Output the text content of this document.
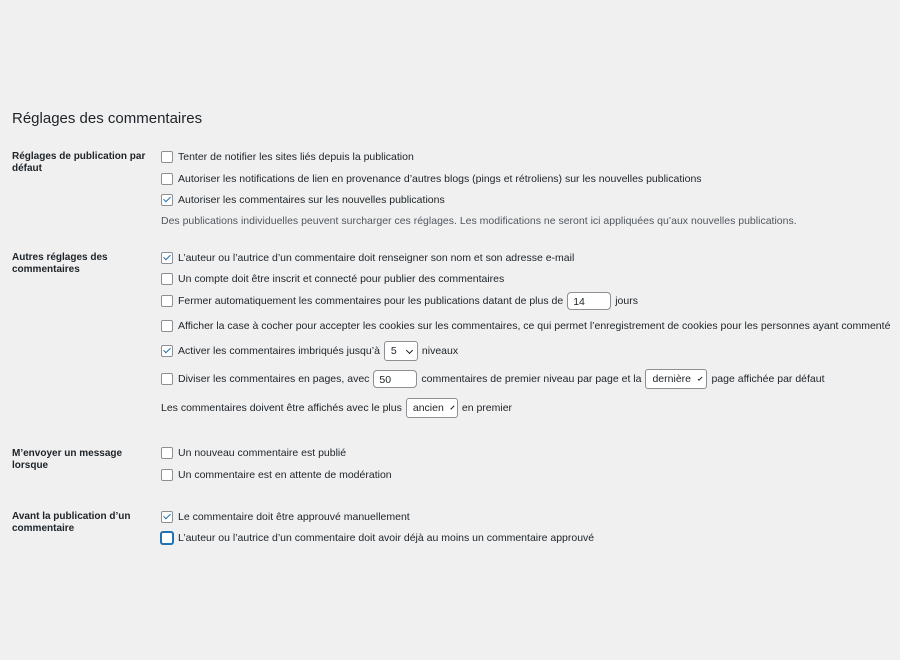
Réglages des commentaires
Réglages de publication par défaut
Tenter de notifier les sites liés depuis la publication
Autoriser les notifications de lien en provenance d’autres blogs (pings et rétroliens) sur les nouvelles publications
Autoriser les commentaires sur les nouvelles publications
Des publications individuelles peuvent surcharger ces réglages. Les modifications ne seront ici appliquées qu’aux nouvelles publications.
Autres réglages des commentaires
L’auteur ou l’autrice d’un commentaire doit renseigner son nom et son adresse e-mail
Un compte doit être inscrit et connecté pour publier des commentaires
Fermer automatiquement les commentaires pour les publications datant de plus de 14	jours
Afficher la case à cocher pour accepter les cookies sur les commentaires, ce qui permet l’enregistrement de cookies pour les personnes ayant commenté
Activer les commentaires imbriqués jusqu’à 5 niveaux
Diviser les commentaires en pages, avec 50	commentaires de premier niveau par page et la dernière page affichée par défaut
Les commentaires doivent être affichés avec le plus ancien en premier
M’envoyer un message lorsque
Un nouveau commentaire est publié
Un commentaire est en attente de modération
Avant la publication d’un commentaire
Le commentaire doit être approuvé manuellement
L’auteur ou l’autrice d’un commentaire doit avoir déjà au moins un commentaire approuvé
